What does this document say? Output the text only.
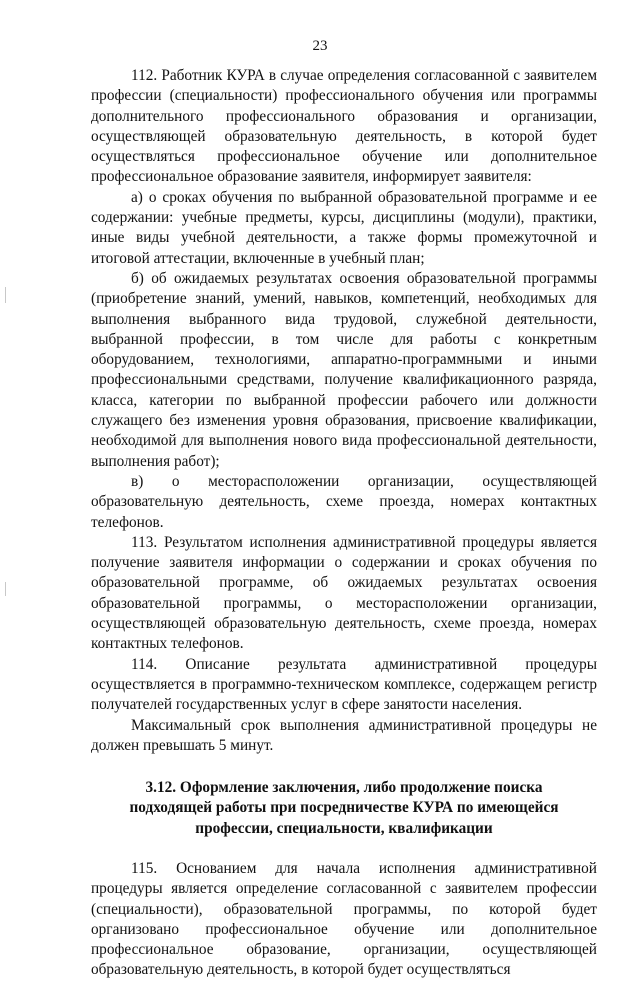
23

112. Работник КУРА в случае определения согласованной с заявителем профессии (специальности) профессионального обучения или программы дополнительного профессионального образования и организации, осуществляющей образовательную деятельность, в которой будет осуществляться профессиональное обучение или дополнительное профессиональное образование заявителя, информирует заявителя:

а) о сроках обучения по выбранной образовательной программе и ее содержании: учебные предметы, курсы, дисциплины (модули), практики, иные виды учебной деятельности, а также формы промежуточной и итоговой аттестации, включенные в учебный план;

б) об ожидаемых результатах освоения образовательной программы (приобретение знаний, умений, навыков, компетенций, необходимых для выполнения выбранного вида трудовой, служебной деятельности, выбранной профессии, в том числе для работы с конкретным оборудованием, технологиями, аппаратно-программными и иными профессиональными средствами, получение квалификационного разряда, класса, категории по выбранной профессии рабочего или должности служащего без изменения уровня образования, присвоение квалификации, необходимой для выполнения нового вида профессиональной деятельности, выполнения работ);

в) о месторасположении организации, осуществляющей образовательную деятельность, схеме проезда, номерах контактных телефонов.

113. Результатом исполнения административной процедуры является получение заявителя информации о содержании и сроках обучения по образовательной программе, об ожидаемых результатах освоения образовательной программы, о месторасположении организации, осуществляющей образовательную деятельность, схеме проезда, номерах контактных телефонов.

114. Описание результата административной процедуры осуществляется в программно-техническом комплексе, содержащем регистр получателей государственных услуг в сфере занятости населения.

Максимальный срок выполнения административной процедуры не должен превышать 5 минут.

3.12. Оформление заключения, либо продолжение поиска подходящей работы при посредничестве КУРА по имеющейся профессии, специальности, квалификации

115. Основанием для начала исполнения административной процедуры является определение согласованной с заявителем профессии (специальности), образовательной программы, по которой будет организовано профессиональное обучение или дополнительное профессиональное образование, организации, осуществляющей образовательную деятельность, в которой будет осуществляться
